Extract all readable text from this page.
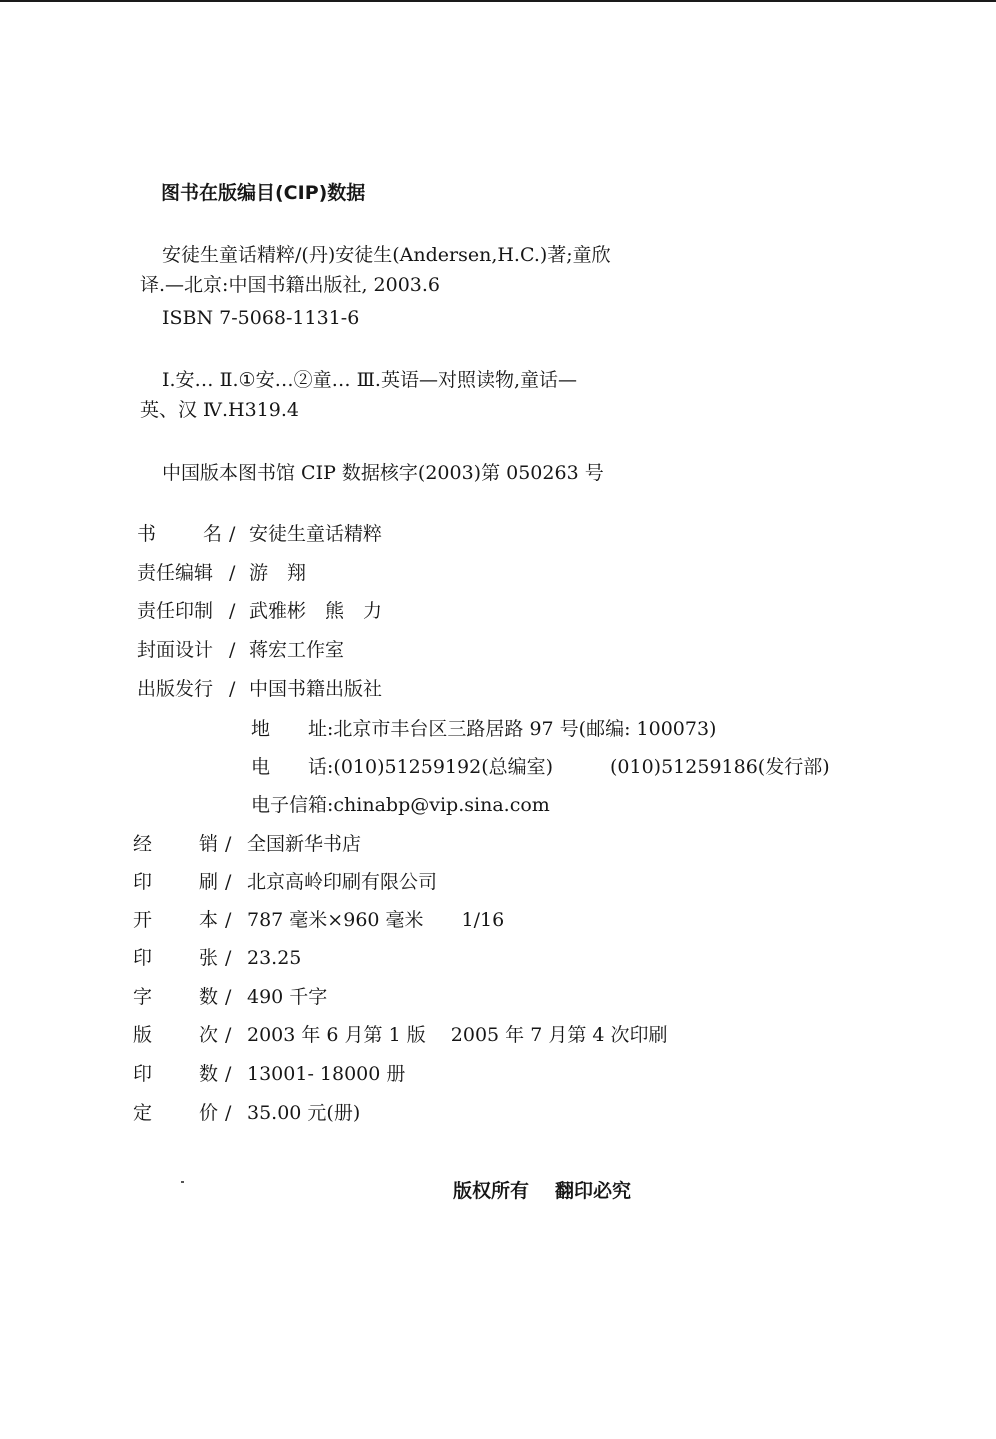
图书在版编目(CIP)数据
安徒生童话精粹/(丹)安徒生(Andersen,H.C.)著;童欣
译.—北京:中国书籍出版社, 2003.6
ISBN 7-5068-1131-6
Ⅰ.安… Ⅱ.①安…②童… Ⅲ.英语—对照读物,童话—
英、汉 Ⅳ.H319.4
中国版本图书馆 CIP 数据核字(2003)第 050263 号
书 名 / 安徒生童话精粹
责任编辑 / 游　翔
责任印制 / 武雅彬　熊　力
封面设计 / 蒋宏工作室
出版发行 / 中国书籍出版社
地　　址:北京市丰台区三路居路 97 号(邮编: 100073)
电　　话:(010)51259192(总编室)	(010)51259186(发行部)
电子信箱:chinabp@vip.sina.com
经 销 / 全国新华书店
印 刷 / 北京高岭印刷有限公司
开 本 / 787 毫米×960 毫米　　1/16
印 张 / 23.25
字 数 / 490 千字
版 次 / 2003 年 6 月第 1 版　 2005 年 7 月第 4 次印刷
印 数 / 13001- 18000 册
定 价 / 35.00 元(册)
版权所有 翻印必究
